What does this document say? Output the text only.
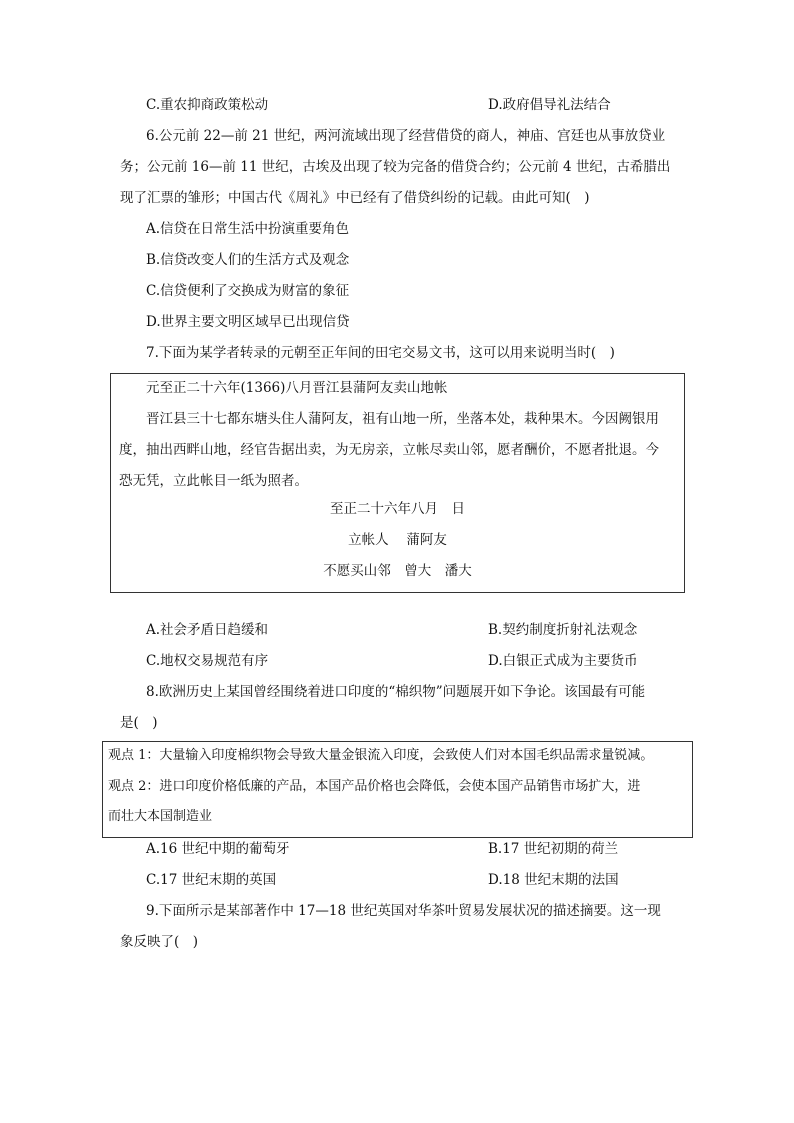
C.重农抑商政策松动	D.政府倡导礼法结合
6.公元前 22—前 21 世纪，两河流域出现了经营借贷的商人，神庙、宫廷也从事放贷业
务；公元前 16—前 11 世纪，古埃及出现了较为完备的借贷合约；公元前 4 世纪，古希腊出
现了汇票的雏形；中国古代《周礼》中已经有了借贷纠纷的记载。由此可知(　)
A.信贷在日常生活中扮演重要角色
B.信贷改变人们的生活方式及观念
C.信贷便利了交换成为财富的象征
D.世界主要文明区域早已出现信贷
7.下面为某学者转录的元朝至正年间的田宅交易文书，这可以用来说明当时(　)
元至正二十六年(1366)八月晋江县蒲阿友卖山地帐
晋江县三十七都东塘头住人蒲阿友，祖有山地一所，坐落本处，栽种果木。今因阙银用
度，抽出西畔山地，经官告据出卖，为无房亲，立帐尽卖山邻，愿者酬价，不愿者批退。今
恐无凭，立此帐目一纸为照者。
至正二十六年八月　日
立帐人　 蒲阿友
不愿买山邻　曾大　潘大
A.社会矛盾日趋缓和	B.契约制度折射礼法观念
C.地权交易规范有序	D.白银正式成为主要货币
8.欧洲历史上某国曾经围绕着进口印度的“棉织物”问题展开如下争论。该国最有可能
是(　)
观点 1：大量输入印度棉织物会导致大量金银流入印度，会致使人们对本国毛织品需求量锐减。
观点 2：进口印度价格低廉的产品，本国产品价格也会降低，会使本国产品销售市场扩大，进
而壮大本国制造业
A.16 世纪中期的葡萄牙	B.17 世纪初期的荷兰
C.17 世纪末期的英国	D.18 世纪末期的法国
9.下面所示是某部著作中 17—18 世纪英国对华茶叶贸易发展状况的描述摘要。这一现
象反映了(　)
